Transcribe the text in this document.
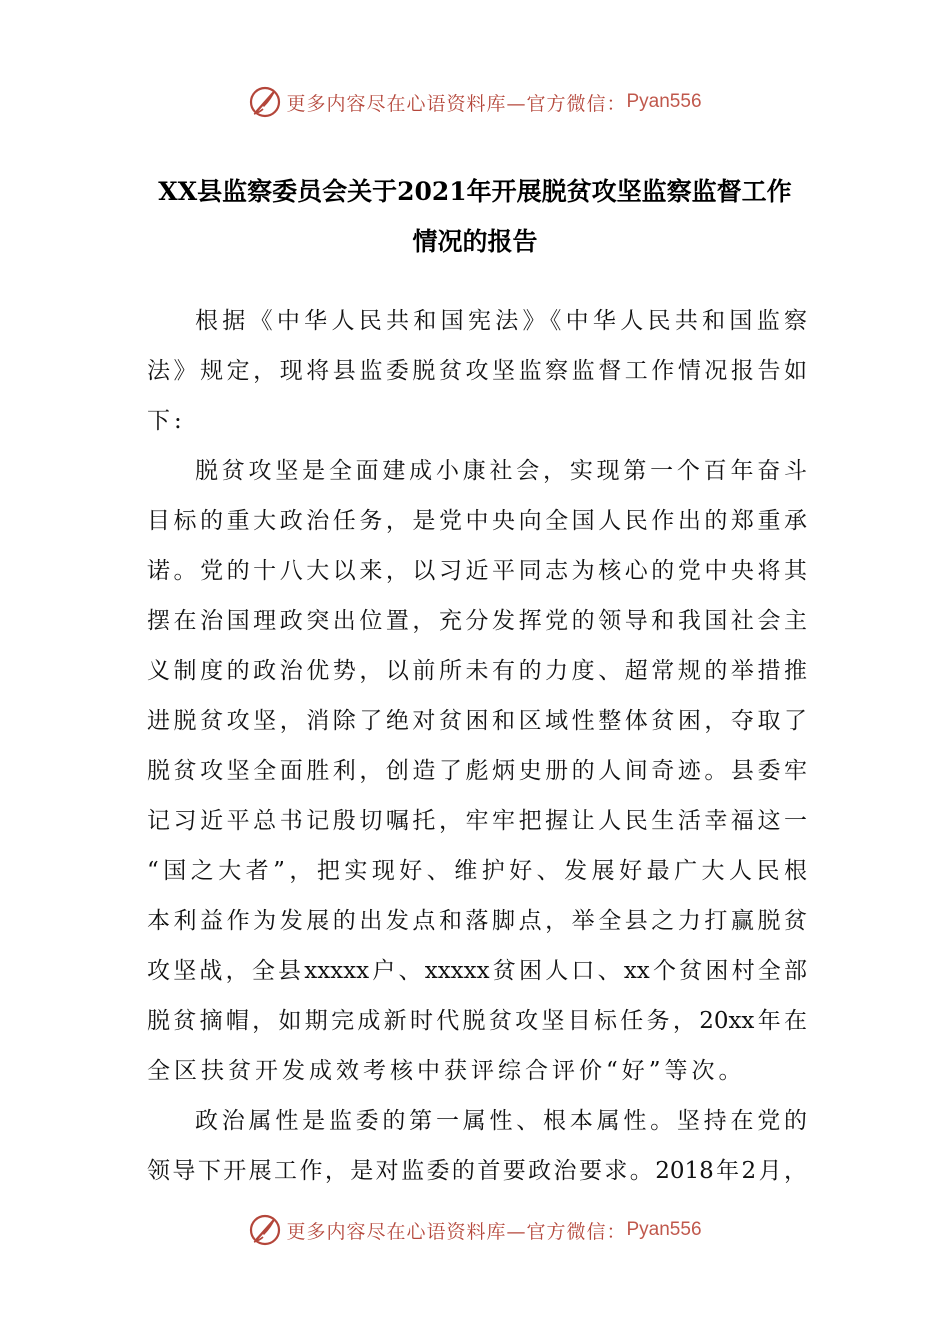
更多内容尽在心语资料库—官方微信： Pyan556
XX县监察委员会关于2021年开展脱贫攻坚监察监督工作
情况的报告
根据《中华人民共和国宪法》《中华人民共和国监察
法》规定，现将县监委脱贫攻坚监察监督工作情况报告如
下:
脱贫攻坚是全面建成小康社会，实现第一个百年奋斗
目标的重大政治任务，是党中央向全国人民作出的郑重承
诺。党的十八大以来，以习近平同志为核心的党中央将其
摆在治国理政突出位置，充分发挥党的领导和我国社会主
义制度的政治优势，以前所未有的力度、超常规的举措推
进脱贫攻坚，消除了绝对贫困和区域性整体贫困，夺取了
脱贫攻坚全面胜利，创造了彪炳史册的人间奇迹。县委牢
记习近平总书记殷切嘱托，牢牢把握让人民生活幸福这一
“国之大者”，把实现好、维护好、发展好最广大人民根
本利益作为发展的出发点和落脚点，举全县之力打赢脱贫
攻坚战，全县xxxxx户、xxxxx贫困人口、xx个贫困村全部
脱贫摘帽，如期完成新时代脱贫攻坚目标任务，20xx年在
全区扶贫开发成效考核中获评综合评价“好”等次。
政治属性是监委的第一属性、根本属性。坚持在党的
领导下开展工作，是对监委的首要政治要求。2018年2月，
更多内容尽在心语资料库—官方微信： Pyan556
